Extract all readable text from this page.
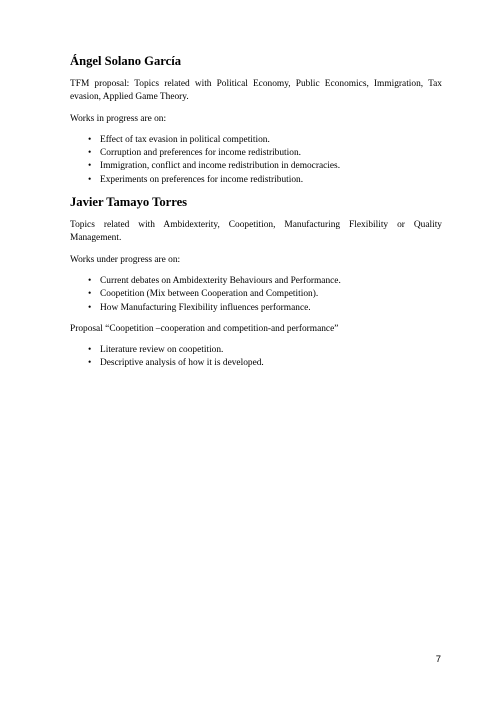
Ángel Solano García

TFM proposal: Topics related with Political Economy, Public Economics, Immigration, Tax evasion, Applied Game Theory.

Works in progress are on:

• Effect of tax evasion in political competition.
• Corruption and preferences for income redistribution.
• Immigration, conflict and income redistribution in democracies.
• Experiments on preferences for income redistribution.
Javier Tamayo Torres

Topics related with Ambidexterity, Coopetition, Manufacturing Flexibility or Quality Management.

Works under progress are on:

• Current debates on Ambidexterity Behaviours and Performance.
• Coopetition (Mix between Cooperation and Competition).
• How Manufacturing Flexibility influences performance.

Proposal “Coopetition –cooperation and competition-and performance”

• Literature review on coopetition.
• Descriptive analysis of how it is developed.
7
